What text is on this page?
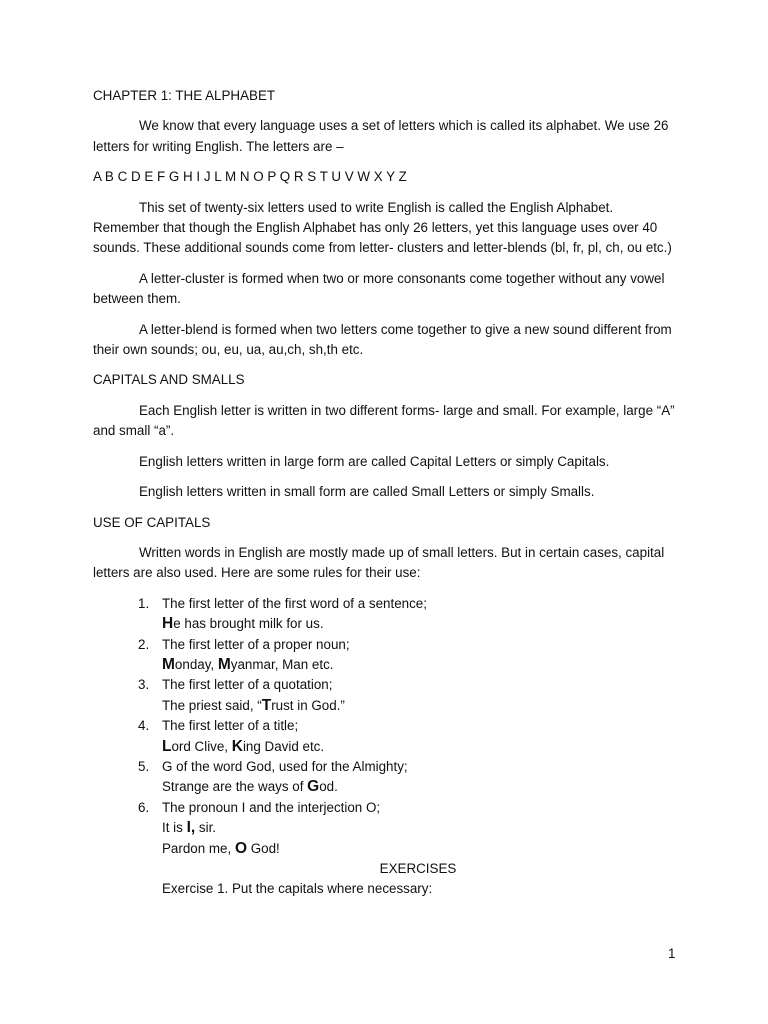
CHAPTER 1: THE ALPHABET

We know that every language uses a set of letters which is called its alphabet. We use 26 letters for writing English. The letters are –

A B C D E F G H I J L M N O P Q R S T U V W X Y Z

This set of twenty-six letters used to write English is called the English Alphabet. Remember that though the English Alphabet has only 26 letters, yet this language uses over 40 sounds. These additional sounds come from letter- clusters and letter-blends (bl, fr, pl, ch, ou etc.)

A letter-cluster is formed when two or more consonants come together without any vowel between them.

A letter-blend is formed when two letters come together to give a new sound different from their own sounds; ou, eu, ua, au,ch, sh,th etc.

CAPITALS AND SMALLS

Each English letter is written in two different forms- large and small. For example, large “A” and small “a”.

English letters written in large form are called Capital Letters or simply Capitals.

English letters written in small form are called Small Letters or simply Smalls.

USE OF CAPITALS

Written words in English are mostly made up of small letters. But in certain cases, capital letters are also used. Here are some rules for their use:

1. The first letter of the first word of a sentence;
He has brought milk for us.
2. The first letter of a proper noun;
Monday, Myanmar, Man etc.
3. The first letter of a quotation;
The priest said, “Trust in God.”
4. The first letter of a title;
Lord Clive, King David etc.
5. G of the word God, used for the Almighty;
Strange are the ways of God.
6. The pronoun I and the interjection O;
It is I, sir.
Pardon me, O God!

EXERCISES

Exercise 1. Put the capitals where necessary:

1
